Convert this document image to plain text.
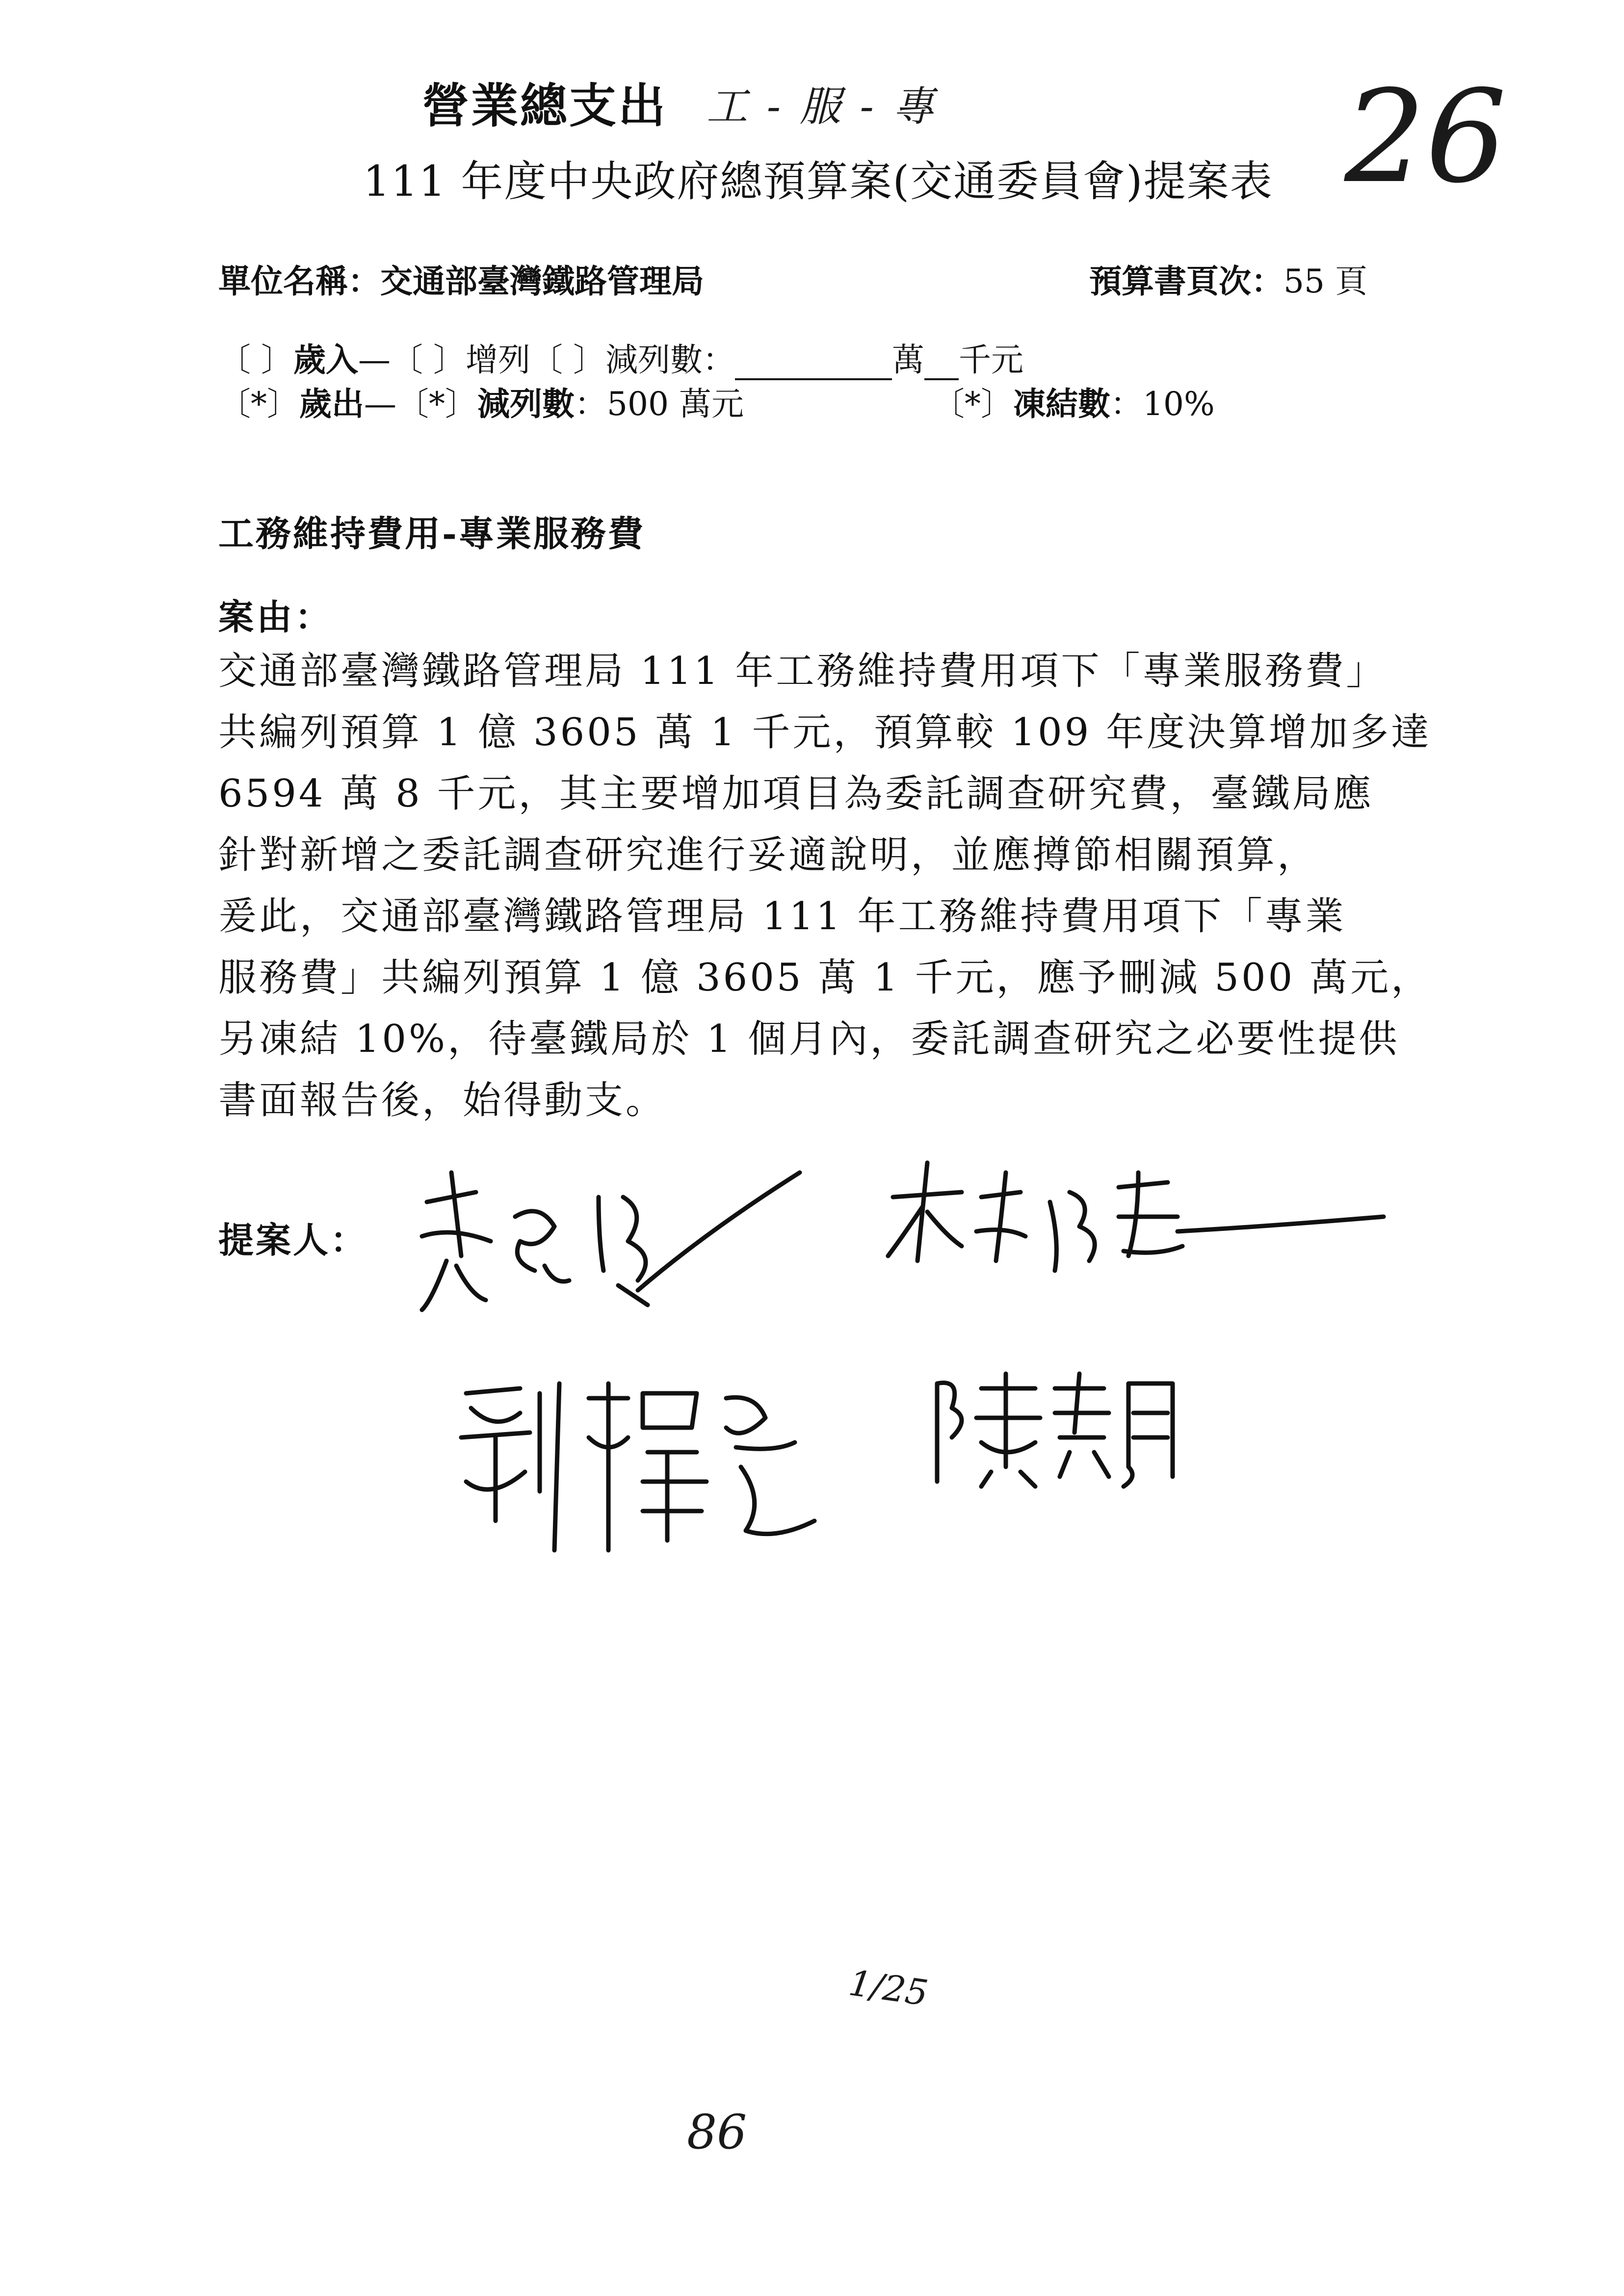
營業總支出 工 - 服 - 專	26
111 年度中央政府總預算案(交通委員會)提案表
單位名稱：交通部臺灣鐵路管理局	預算書頁次：55 頁
〔 〕歲入—〔 〕增列〔 〕減列數：	萬 千元
〔*〕歲出—〔*〕減列數：500 萬元	〔*〕凍結數：10%
工務維持費用-專業服務費
案由：
交通部臺灣鐵路管理局 111 年工務維持費用項下「專業服務費」
共編列預算 1 億 3605 萬 1 千元，預算較 109 年度決算增加多達
6594 萬 8 千元，其主要增加項目為委託調查研究費，臺鐵局應
針對新增之委託調查研究進行妥適說明，並應撙節相關預算，
爰此，交通部臺灣鐵路管理局 111 年工務維持費用項下「專業
服務費」共編列預算 1 億 3605 萬 1 千元，應予刪減 500 萬元，
另凍結 10%，待臺鐵局於 1 個月內，委託調查研究之必要性提供
書面報告後，始得動支。
提案人：
1/25
86
